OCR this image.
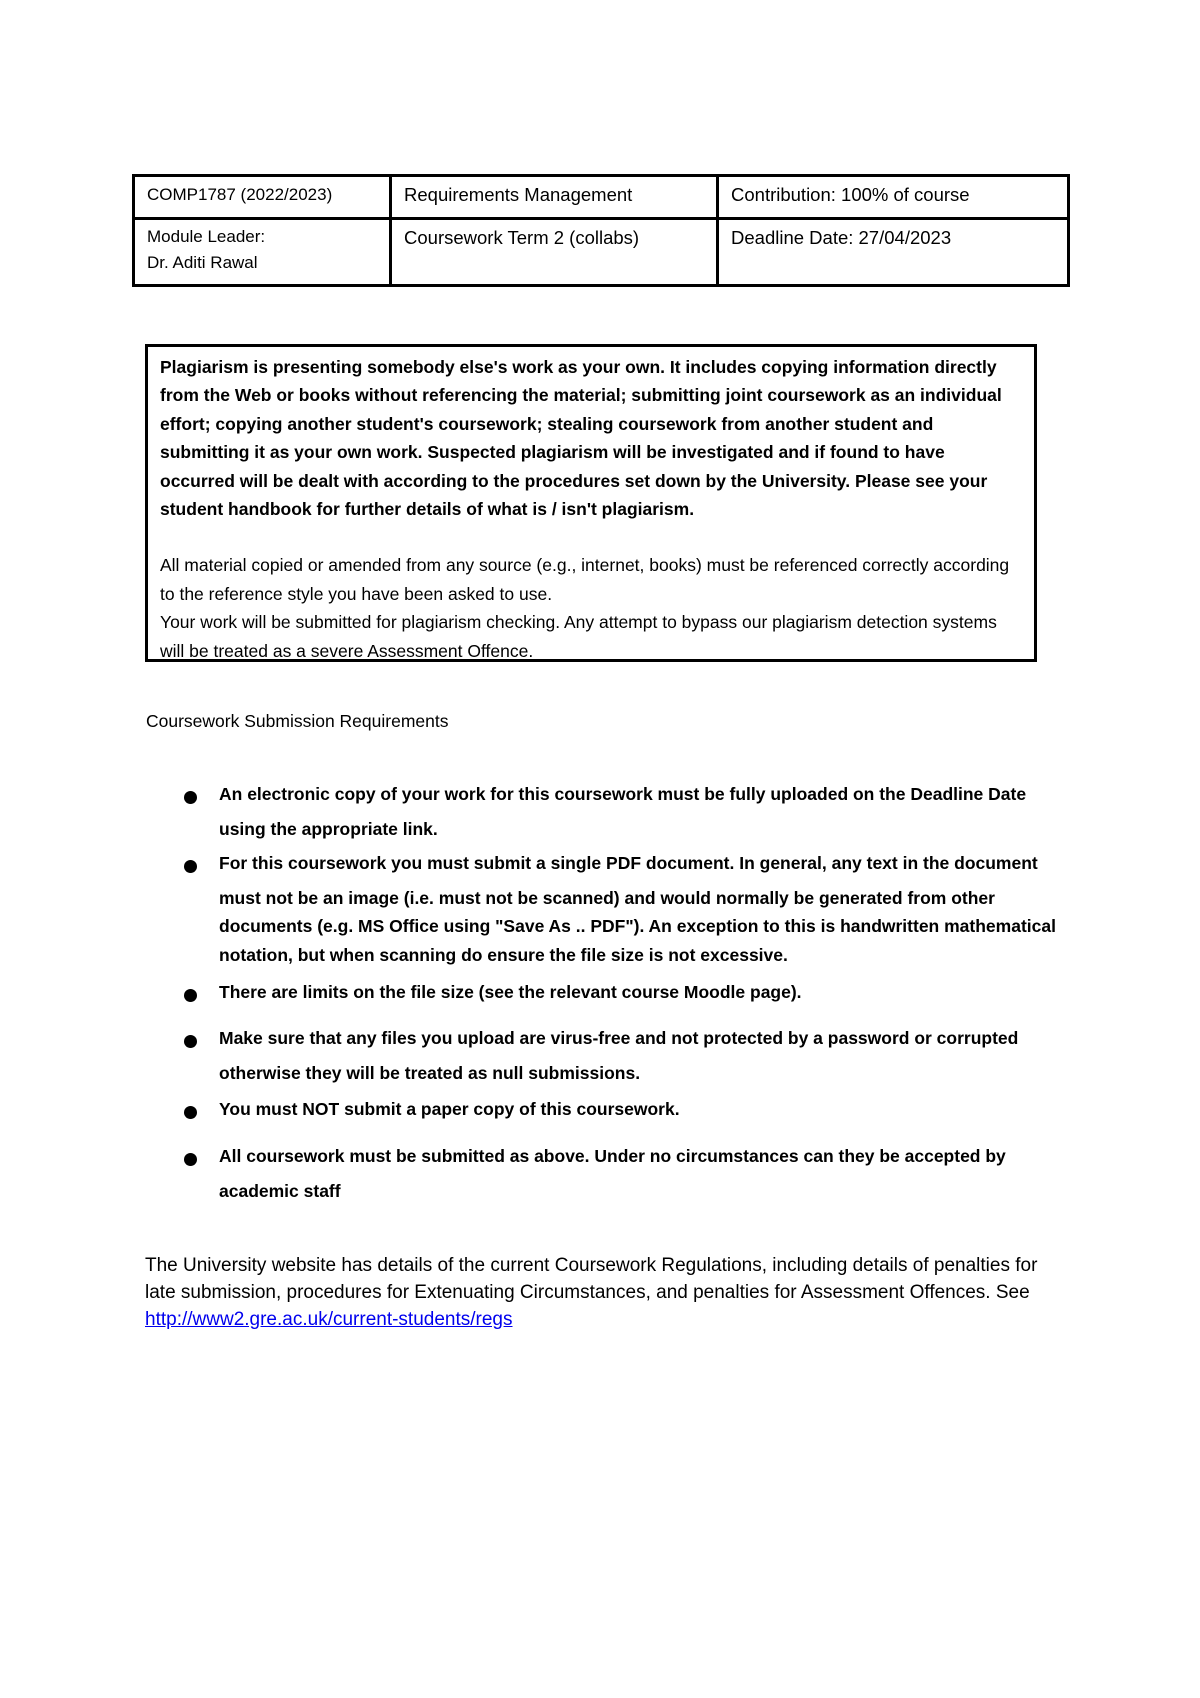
COMP1787 (2022/2023)	Requirements Management	Contribution: 100% of course

Module Leader:
Dr. Aditi Rawal	Coursework Term 2 (collabs)	Deadline Date: 27/04/2023

Plagiarism is presenting somebody else's work as your own. It includes copying information directly from the Web or books without referencing the material; submitting joint coursework as an individual effort; copying another student's coursework; stealing coursework from another student and submitting it as your own work. Suspected plagiarism will be investigated and if found to have occurred will be dealt with according to the procedures set down by the University. Please see your student handbook for further details of what is / isn't plagiarism.

All material copied or amended from any source (e.g., internet, books) must be referenced correctly according to the reference style you have been asked to use.

Your work will be submitted for plagiarism checking. Any attempt to bypass our plagiarism detection systems will be treated as a severe Assessment Offence.

Coursework Submission Requirements

An electronic copy of your work for this coursework must be fully uploaded on the Deadline Date
using the appropriate link.
For this coursework you must submit a single PDF document. In general, any text in the document
must not be an image (i.e. must not be scanned) and would normally be generated from other documents (e.g. MS Office using "Save As .. PDF"). An exception to this is handwritten mathematical notation, but when scanning do ensure the file size is not excessive.
There are limits on the file size (see the relevant course Moodle page).
Make sure that any files you upload are virus-free and not protected by a password or corrupted
otherwise they will be treated as null submissions.
You must NOT submit a paper copy of this coursework.
All coursework must be submitted as above. Under no circumstances can they be accepted by
academic staff

The University website has details of the current Coursework Regulations, including details of penalties for late submission, procedures for Extenuating Circumstances, and penalties for Assessment Offences. See http://www2.gre.ac.uk/current-students/regs
